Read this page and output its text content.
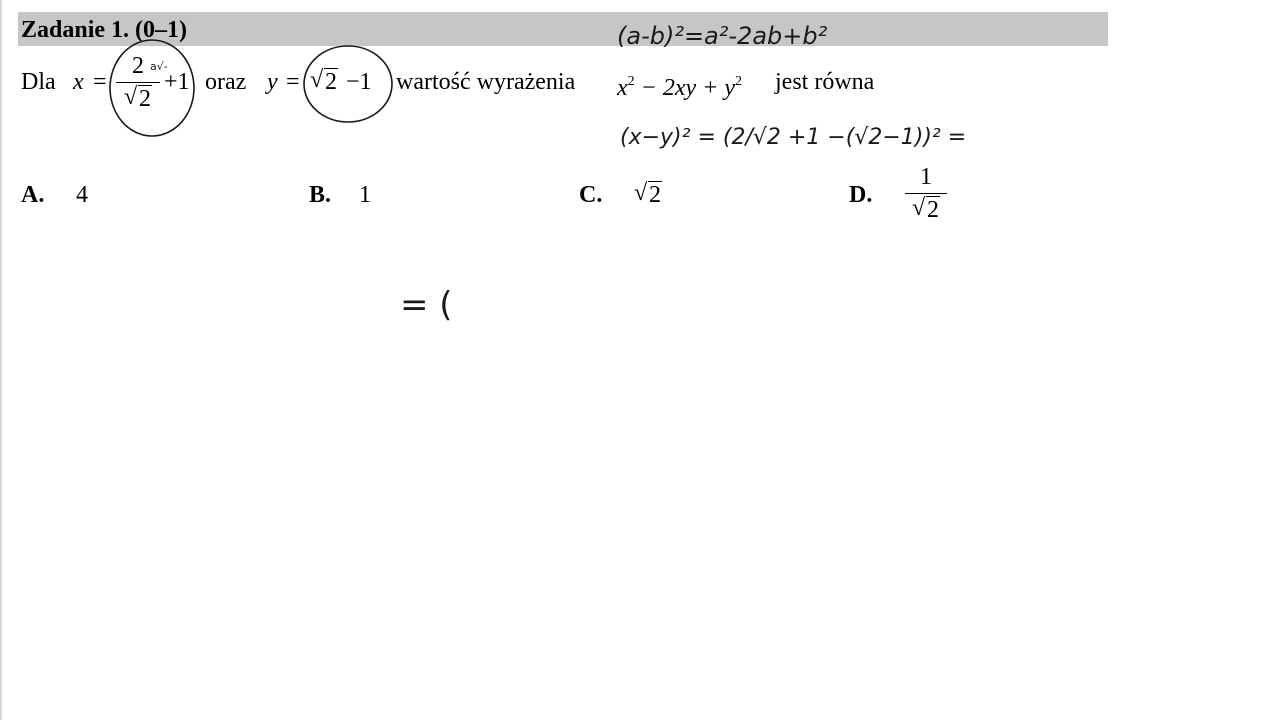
Zadanie 1. (0–1)
Dla x =
2
√ 2
+1 oraz y = √ 2 −1 wartość wyrażenia $x^2 - 2xy + y^2$ jest równa
A. 4	B. 1	C. √ 2	D.
1
√ 2
a√-
(a-b)²=a²-2ab+b²
(x−y)² = (2/√2 +1 −(√2−1))² =
= (
